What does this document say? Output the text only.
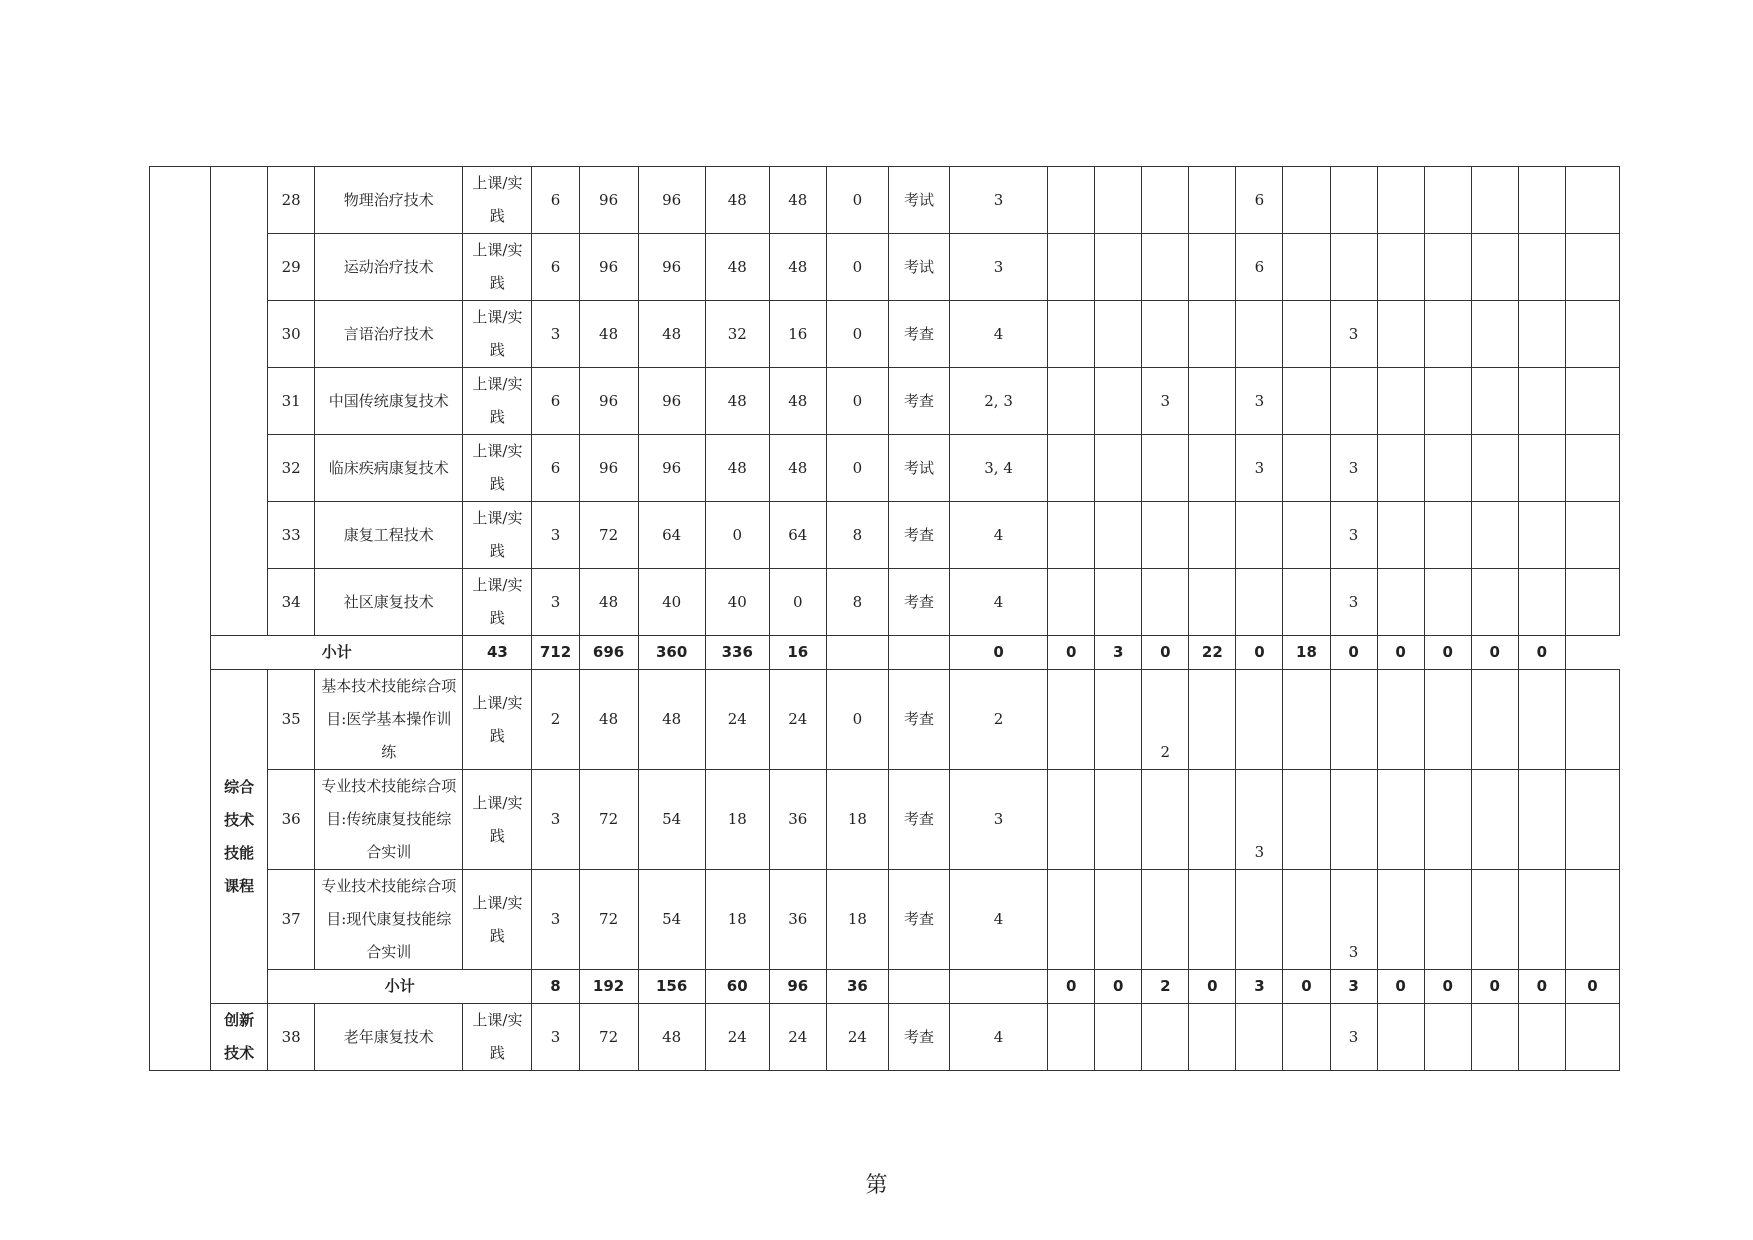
		28	物理治疗技术	上课/实践	6	96	96	48	48	0	考试	3					6							
		29	运动治疗技术	上课/实践	6	96	96	48	48	0	考试	3					6							
		30	言语治疗技术	上课/实践	3	48	48	32	16	0	考查	4							3					
		31	中国传统康复技术	上课/实践	6	96	96	48	48	0	考查	2, 3			3		3							
		32	临床疾病康复技术	上课/实践	6	96	96	48	48	0	考试	3, 4					3		3					
		33	康复工程技术	上课/实践	3	72	64	0	64	8	考查	4							3					
		34	社区康复技术	上课/实践	3	48	40	40	0	8	考查	4							3					
	小计			43	712	696	360	336	16			0	0	3	0	22	0	18	0	0	0	0	0	
	综合技术技能课程	35	基本技术技能综合项目:医学基本操作训练	上课/实践	2	48	48	24	24	0	考查	2			2									
		36	专业技术技能综合项目:传统康复技能综合实训	上课/实践	3	72	54	18	36	18	考查	3					3							
		37	专业技术技能综合项目:现代康复技能综合实训	上课/实践	3	72	54	18	36	18	考查	4							3					
		小计			8	192	156	60	96	36			0	0	2	0	3	0	3	0	0	0	0	0
	创新技术	38	老年康复技术	上课/实践	3	72	48	24	24	24	考查	4							3					
第
